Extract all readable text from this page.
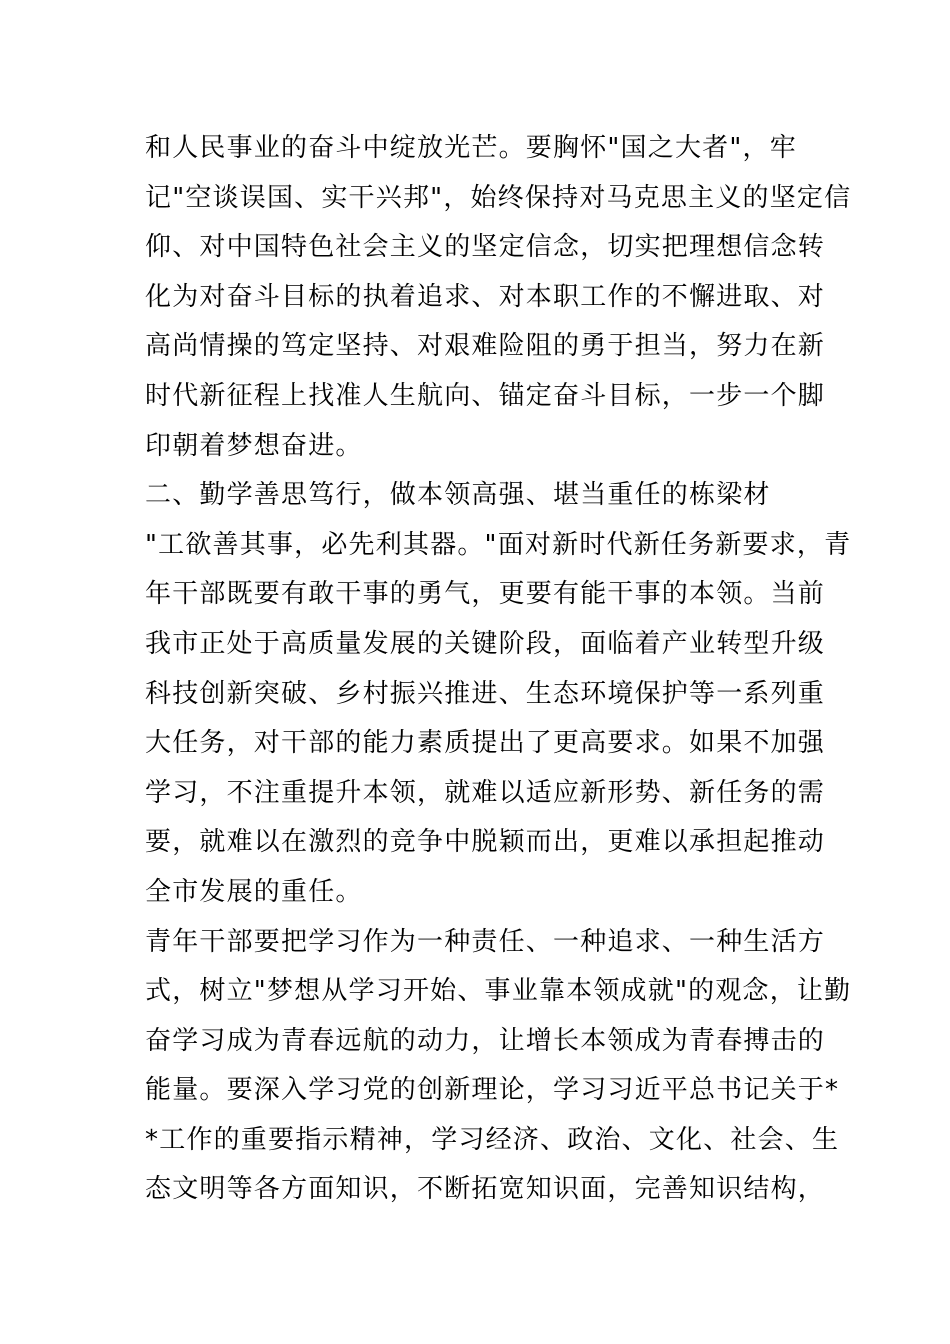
和人民事业的奋斗中绽放光芒。要胸怀"国之大者"，牢
记"空谈误国、实干兴邦"，始终保持对马克思主义的坚定信
仰、对中国特色社会主义的坚定信念，切实把理想信念转
化为对奋斗目标的执着追求、对本职工作的不懈进取、对
高尚情操的笃定坚持、对艰难险阻的勇于担当，努力在新
时代新征程上找准人生航向、锚定奋斗目标，一步一个脚
印朝着梦想奋进。
二、勤学善思笃行，做本领高强、堪当重任的栋梁材
"工欲善其事，必先利其器。"面对新时代新任务新要求，青
年干部既要有敢干事的勇气，更要有能干事的本领。当前
我市正处于高质量发展的关键阶段，面临着产业转型升级
科技创新突破、乡村振兴推进、生态环境保护等一系列重
大任务，对干部的能力素质提出了更高要求。如果不加强
学习，不注重提升本领，就难以适应新形势、新任务的需
要，就难以在激烈的竞争中脱颖而出，更难以承担起推动
全市发展的重任。
青年干部要把学习作为一种责任、一种追求、一种生活方
式，树立"梦想从学习开始、事业靠本领成就"的观念，让勤
奋学习成为青春远航的动力，让增长本领成为青春搏击的
能量。要深入学习党的创新理论，学习习近平总书记关于*
*工作的重要指示精神，学习经济、政治、文化、社会、生
态文明等各方面知识，不断拓宽知识面，完善知识结构，
